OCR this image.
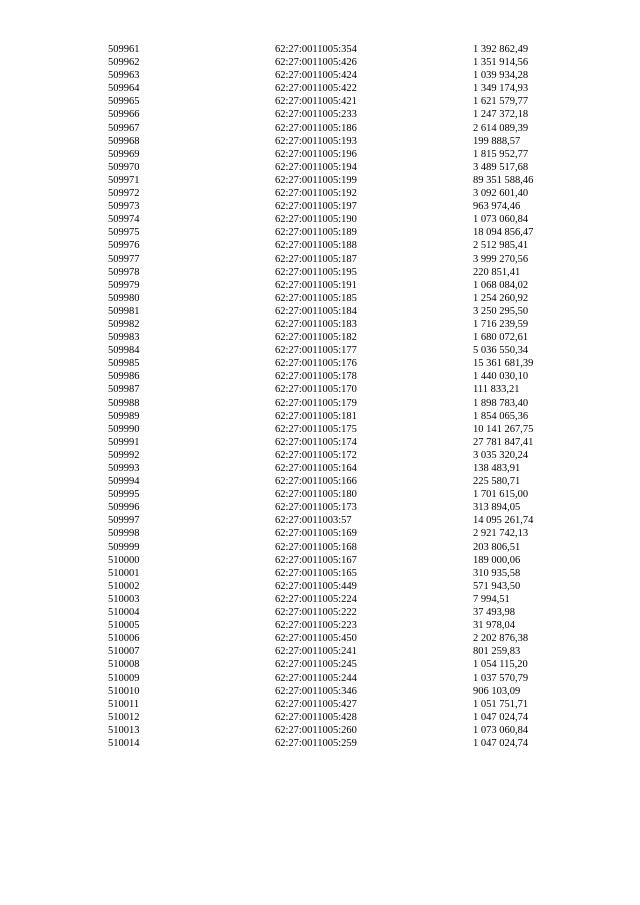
509961	62:27:0011005:354	1 392 862,49
509962	62:27:0011005:426	1 351 914,56
509963	62:27:0011005:424	1 039 934,28
509964	62:27:0011005:422	1 349 174,93
509965	62:27:0011005:421	1 621 579,77
509966	62:27:0011005:233	1 247 372,18
509967	62:27:0011005:186	2 614 089,39
509968	62:27:0011005:193	199 888,57
509969	62:27:0011005:196	1 815 952,77
509970	62:27:0011005:194	3 489 517,68
509971	62:27:0011005:199	89 351 588,46
509972	62:27:0011005:192	3 092 601,40
509973	62:27:0011005:197	963 974,46
509974	62:27:0011005:190	1 073 060,84
509975	62:27:0011005:189	18 094 856,47
509976	62:27:0011005:188	2 512 985,41
509977	62:27:0011005:187	3 999 270,56
509978	62:27:0011005:195	220 851,41
509979	62:27:0011005:191	1 068 084,02
509980	62:27:0011005:185	1 254 260,92
509981	62:27:0011005:184	3 250 295,50
509982	62:27:0011005:183	1 716 239,59
509983	62:27:0011005:182	1 680 072,61
509984	62:27:0011005:177	5 036 550,34
509985	62:27:0011005:176	15 361 681,39
509986	62:27:0011005:178	1 440 030,10
509987	62:27:0011005:170	111 833,21
509988	62:27:0011005:179	1 898 783,40
509989	62:27:0011005:181	1 854 065,36
509990	62:27:0011005:175	10 141 267,75
509991	62:27:0011005:174	27 781 847,41
509992	62:27:0011005:172	3 035 320,24
509993	62:27:0011005:164	138 483,91
509994	62:27:0011005:166	225 580,71
509995	62:27:0011005:180	1 701 615,00
509996	62:27:0011005:173	313 894,05
509997	62:27:0011003:57	14 095 261,74
509998	62:27:0011005:169	2 921 742,13
509999	62:27:0011005:168	203 806,51
510000	62:27:0011005:167	189 000,06
510001	62:27:0011005:165	310 935,58
510002	62:27:0011005:449	571 943,50
510003	62:27:0011005:224	7 994,51
510004	62:27:0011005:222	37 493,98
510005	62:27:0011005:223	31 978,04
510006	62:27:0011005:450	2 202 876,38
510007	62:27:0011005:241	801 259,83
510008	62:27:0011005:245	1 054 115,20
510009	62:27:0011005:244	1 037 570,79
510010	62:27:0011005:346	906 103,09
510011	62:27:0011005:427	1 051 751,71
510012	62:27:0011005:428	1 047 024,74
510013	62:27:0011005:260	1 073 060,84
510014	62:27:0011005:259	1 047 024,74
